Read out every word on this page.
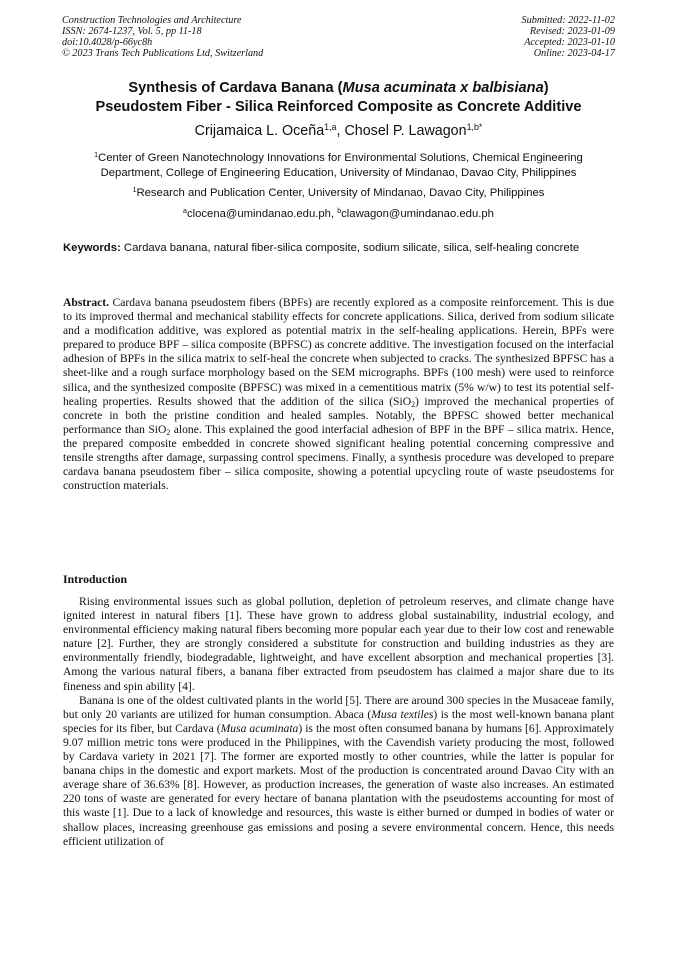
Construction Technologies and Architecture
ISSN: 2674-1237, Vol. 5, pp 11-18
doi:10.4028/p-66yc8h
© 2023 Trans Tech Publications Ltd, Switzerland
Submitted: 2022-11-02
Revised: 2023-01-09
Accepted: 2023-01-10
Online: 2023-04-17
Synthesis of Cardava Banana (Musa acuminata x balbisiana)
Pseudostem Fiber - Silica Reinforced Composite as Concrete Additive
Crijamaica L. Oceña$^{1,a}$, Chosel P. Lawagon$^{1,b*}$
$^1$Center of Green Nanotechnology Innovations for Environmental Solutions, Chemical Engineering
Department, College of Engineering Education, University of Mindanao, Davao City, Philippines
$^1$Research and Publication Center, University of Mindanao, Davao City, Philippines
$^a$clocena@umindanao.edu.ph, $^b$clawagon@umindanao.edu.ph
Keywords: Cardava banana, natural fiber-silica composite, sodium silicate, silica, self-healing concrete

Abstract. Cardava banana pseudostem fibers (BPFs) are recently explored as a composite reinforcement. This is due to its improved thermal and mechanical stability effects for concrete applications. Silica, derived from sodium silicate and a modification additive, was explored as potential matrix in the self-healing applications. Herein, BPFs were prepared to produce BPF – silica composite (BPFSC) as concrete additive. The investigation focused on the interfacial adhesion of BPFs in the silica matrix to self-heal the concrete when subjected to cracks. The synthesized BPFSC has a sheet-like and a rough surface morphology based on the SEM micrographs. BPFs (100 mesh) were used to reinforce silica, and the synthesized composite (BPFSC) was mixed in a cementitious matrix (5% w/w) to test its potential self-healing properties. Results showed that the addition of the silica (SiO$_2$) improved the mechanical properties of concrete in both the pristine condition and healed samples. Notably, the BPFSC showed better mechanical performance than SiO$_2$ alone. This explained the good interfacial adhesion of BPF in the BPF – silica matrix. Hence, the prepared composite embedded in concrete showed significant healing potential concerning compressive and tensile strengths after damage, surpassing control specimens. Finally, a synthesis procedure was developed to prepare cardava banana pseudostem fiber – silica composite, showing a potential upcycling route of waste pseudostems for construction materials.

Introduction

Rising environmental issues such as global pollution, depletion of petroleum reserves, and climate change have ignited interest in natural fibers [1]. These have grown to address global sustainability, industrial ecology, and environmental efficiency making natural fibers becoming more popular each year due to their low cost and renewable nature [2]. Further, they are strongly considered a substitute for construction and building industries as they are environmentally friendly, biodegradable, lightweight, and have excellent absorption and mechanical properties [3]. Among the various natural fibers, a banana fiber extracted from pseudostem has claimed a major share due to its fineness and spin ability [4].

Banana is one of the oldest cultivated plants in the world [5]. There are around 300 species in the Musaceae family, but only 20 variants are utilized for human consumption. Abaca (Musa textiles) is the most well-known banana plant species for its fiber, but Cardava (Musa acuminata) is the most often consumed banana by humans [6]. Approximately 9.07 million metric tons were produced in the Philippines, with the Cavendish variety producing the most, followed by Cardava variety in 2021 [7]. The former are exported mostly to other countries, while the latter is popular for banana chips in the domestic and export markets. Most of the production is concentrated around Davao City with an average share of 36.63% [8]. However, as production increases, the generation of waste also increases. An estimated 220 tons of waste are generated for every hectare of banana plantation with the pseudostems accounting for most of this waste [1]. Due to a lack of knowledge and resources, this waste is either burned or dumped in bodies of water or shallow places, increasing greenhouse gas emissions and posing a severe environmental concern. Hence, this needs efficient utilization of
